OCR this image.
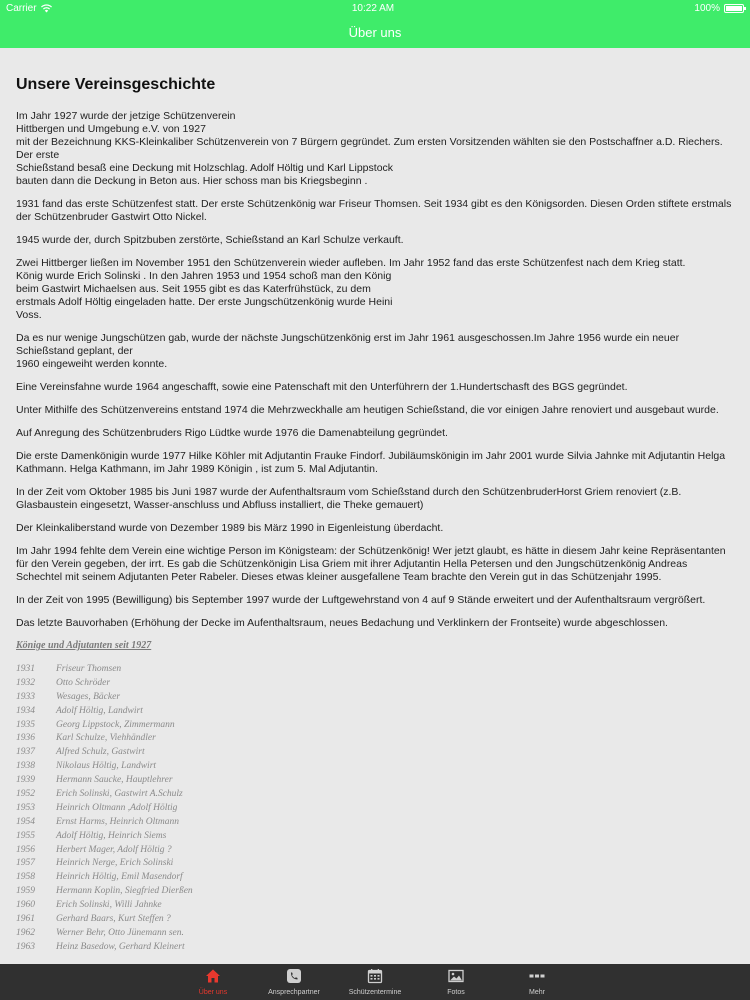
Carrier	10:22 AM	100%
Über uns
Unsere Vereinsgeschichte

Im Jahr 1927 wurde der jetzige Schützenverein
Hittbergen und Umgebung e.V. von 1927
mit der Bezeichnung KKS-Kleinkaliber Schützenverein von 7 Bürgern gegründet. Zum ersten Vorsitzenden wählten sie den Postschaffner a.D. Riechers. Der erste
Schießstand besaß eine Deckung mit Holzschlag. Adolf Höltig und Karl Lippstock
bauten dann die Deckung in Beton aus. Hier schoss man bis Kriegsbeginn .

1931 fand das erste Schützenfest statt. Der erste Schützenkönig war Friseur Thomsen. Seit 1934 gibt es den Königsorden. Diesen Orden stiftete erstmals der Schützenbruder Gastwirt Otto Nickel.

1945 wurde der, durch Spitzbuben zerstörte, Schießstand an Karl Schulze verkauft.

Zwei Hittberger ließen im November 1951 den Schützenverein wieder aufleben. Im Jahr 1952 fand das erste Schützenfest nach dem Krieg statt.
König wurde Erich Solinski . In den Jahren 1953 und 1954 schoß man den König
beim Gastwirt Michaelsen aus. Seit 1955 gibt es das Katerfrühstück, zu dem
erstmals Adolf Höltig eingeladen hatte. Der erste Jungschützenkönig wurde Heini
Voss.

Da es nur wenige Jungschützen gab, wurde der nächste Jungschützenkönig erst im Jahr 1961 ausgeschossen.Im Jahre 1956 wurde ein neuer Schießstand geplant, der
1960 eingeweiht werden konnte.

Eine Vereinsfahne wurde 1964 angeschafft, sowie eine Patenschaft mit den Unterführern der 1.Hundertschasft des BGS gegründet.

Unter Mithilfe des Schützenvereins entstand 1974 die Mehrzweckhalle am heutigen Schießstand, die vor einigen Jahre renoviert und ausgebaut wurde.

Auf Anregung des Schützenbruders Rigo Lüdtke wurde 1976 die Damenabteilung gegründet.

Die erste Damenkönigin wurde 1977 Hilke Köhler mit Adjutantin Frauke Findorf. Jubiläumskönigin im Jahr 2001 wurde Silvia Jahnke mit Adjutantin Helga Kathmann. Helga Kathmann, im Jahr 1989 Königin , ist zum 5. Mal Adjutantin.

In der Zeit vom Oktober 1985 bis Juni 1987 wurde der Aufenthaltsraum vom Schießstand durch den SchützenbruderHorst Griem renoviert (z.B. Glasbaustein eingesetzt, Wasser-anschluss und Abfluss installiert, die Theke gemauert)

Der Kleinkaliberstand wurde von Dezember 1989 bis März 1990 in Eigenleistung überdacht.

Im Jahr 1994 fehlte dem Verein eine wichtige Person im Königsteam: der Schützenkönig! Wer jetzt glaubt, es hätte in diesem Jahr keine Repräsentanten für den Verein gegeben, der irrt. Es gab die Schützenkönigin Lisa Griem mit ihrer Adjutantin Hella Petersen und den Jungschützenkönig Andreas Schechtel mit seinem Adjutanten Peter Rabeler. Dieses etwas kleiner ausgefallene Team brachte den Verein gut in das Schützenjahr 1995.

In der Zeit von 1995 (Bewilligung) bis September 1997 wurde der Luftgewehrstand von 4 auf 9 Stände erweitert und der Aufenthaltsraum vergrößert.

Das letzte Bauvorhaben (Erhöhung der Decke im Aufenthaltsraum, neues Bedachung und Verklinkern der Frontseite) wurde abgeschlossen.

Könige und Adjutanten seit 1927
1931	Friseur Thomsen
1932	Otto Schröder
1933	Wesages, Bäcker
1934	Adolf Höltig, Landwirt
1935	Georg Lippstock, Zimmermann
1936	Karl Schulze, Viehhändler
1937	Alfred Schulz, Gastwirt
1938	Nikolaus Höltig, Landwirt
1939	Hermann Saucke, Hauptlehrer
1952	Erich Solinski, Gastwirt A.Schulz
1953	Heinrich Oltmann ,Adolf Höltig
1954	Ernst Harms, Heinrich Oltmann
1955	Adolf Höltig, Heinrich Siems
1956	Herbert Mager, Adolf Höltig ?
1957	Heinrich Nerge, Erich Solinski
1958	Heinrich Höltig, Emil Masendorf
1959	Hermann Koplin, Siegfried Dierßen
1960	Erich Solinski, Willi Jahnke
1961	Gerhard Baars, Kurt Steffen ?
1962	Werner Behr, Otto Jünemann sen.
1963	Heinz Basedow, Gerhard Kleinert
Über uns	Ansprechpartner	Schützentermine	Fotos	Mehr
